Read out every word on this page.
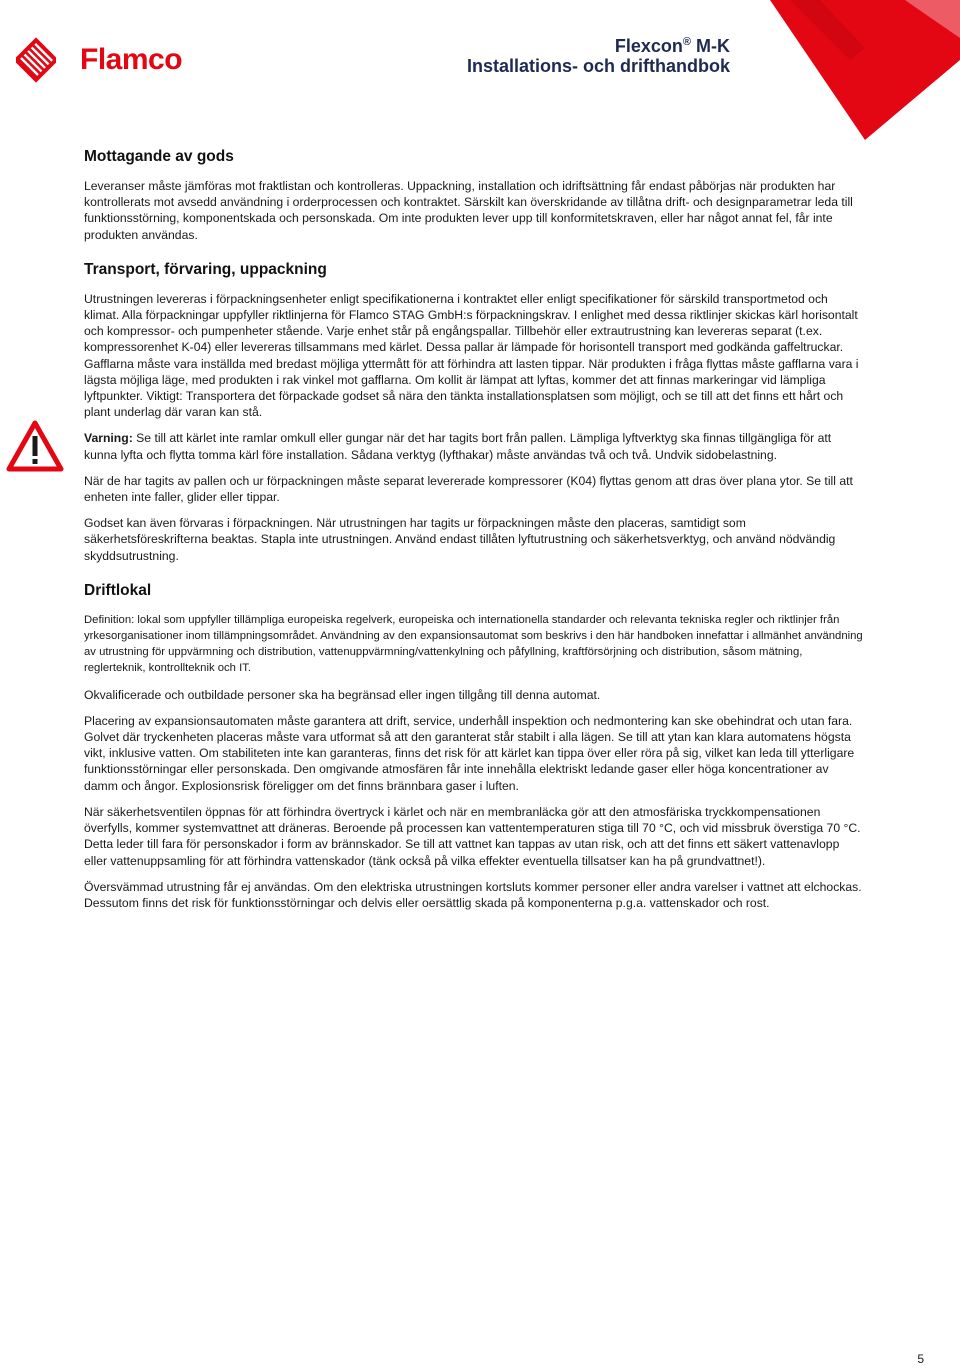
Flamco	Flexcon® M-K
Installations- och drifthandbok
Mottagande av gods

Leveranser måste jämföras mot fraktlistan och kontrolleras. Uppackning, installation och idriftsättning får endast påbörjas när produkten har kontrollerats mot avsedd användning i orderprocessen och kontraktet. Särskilt kan överskridande av tillåtna drift- och designparametrar leda till funktionsstörning, komponentskada och personskada. Om inte produkten lever upp till konformitetskraven, eller har något annat fel, får inte produkten användas.

Transport, förvaring, uppackning

Utrustningen levereras i förpackningsenheter enligt specifikationerna i kontraktet eller enligt specifikationer för särskild transportmetod och klimat. Alla förpackningar uppfyller riktlinjerna för Flamco STAG GmbH:s förpackningskrav. I enlighet med dessa riktlinjer skickas kärl horisontalt och kompressor- och pumpenheter stående. Varje enhet står på engångspallar. Tillbehör eller extrautrustning kan levereras separat (t.ex. kompressorenhet K-04) eller levereras tillsammans med kärlet. Dessa pallar är lämpade för horisontell transport med godkända gaffeltruckar. Gafflarna måste vara inställda med bredast möjliga yttermått för att förhindra att lasten tippar. När produkten i fråga flyttas måste gafflarna vara i lägsta möjliga läge, med produkten i rak vinkel mot gafflarna. Om kollit är lämpat att lyftas, kommer det att finnas markeringar vid lämpliga lyftpunkter. Viktigt: Transportera det förpackade godset så nära den tänkta installationsplatsen som möjligt, och se till att det finns ett hårt och plant underlag där varan kan stå.

Varning: Se till att kärlet inte ramlar omkull eller gungar när det har tagits bort från pallen. Lämpliga lyftverktyg ska finnas tillgängliga för att kunna lyfta och flytta tomma kärl före installation. Sådana verktyg (lyfthakar) måste användas två och två. Undvik sidobelastning.

När de har tagits av pallen och ur förpackningen måste separat levererade kompressorer (K04) flyttas genom att dras över plana ytor. Se till att enheten inte faller, glider eller tippar.

Godset kan även förvaras i förpackningen. När utrustningen har tagits ur förpackningen måste den placeras, samtidigt som säkerhetsföreskrifterna beaktas. Stapla inte utrustningen. Använd endast tillåten lyftutrustning och säkerhetsverktyg, och använd nödvändig skyddsutrustning.

Driftlokal

Definition: lokal som uppfyller tillämpliga europeiska regelverk, europeiska och internationella standarder och relevanta tekniska regler och riktlinjer från yrkesorganisationer inom tillämpningsområdet. Användning av den expansionsautomat som beskrivs i den här handboken innefattar i allmänhet användning av utrustning för uppvärmning och distribution, vattenuppvärmning/vattenkylning och påfyllning, kraftförsörjning och distribution, såsom mätning, reglerteknik, kontrollteknik och IT.

Okvalificerade och outbildade personer ska ha begränsad eller ingen tillgång till denna automat.

Placering av expansionsautomaten måste garantera att drift, service, underhåll inspektion och nedmontering kan ske obehindrat och utan fara. Golvet där tryckenheten placeras måste vara utformat så att den garanterat står stabilt i alla lägen. Se till att ytan kan klara automatens högsta vikt, inklusive vatten. Om stabiliteten inte kan garanteras, finns det risk för att kärlet kan tippa över eller röra på sig, vilket kan leda till ytterligare funktionsstörningar eller personskada. Den omgivande atmosfären får inte innehålla elektriskt ledande gaser eller höga koncentrationer av damm och ångor. Explosionsrisk föreligger om det finns brännbara gaser i luften.

När säkerhetsventilen öppnas för att förhindra övertryck i kärlet och när en membranläcka gör att den atmosfäriska tryckkompensationen överfylls, kommer systemvattnet att dräneras. Beroende på processen kan vattentemperaturen stiga till 70 °C, och vid missbruk överstiga 70 °C. Detta leder till fara för personskador i form av brännskador. Se till att vattnet kan tappas av utan risk, och att det finns ett säkert vattenavlopp eller vattenuppsamling för att förhindra vattenskador (tänk också på vilka effekter eventuella tillsatser kan ha på grundvattnet!).

Översvämmad utrustning får ej användas. Om den elektriska utrustningen kortsluts kommer personer eller andra varelser i vattnet att elchockas. Dessutom finns det risk för funktionsstörningar och delvis eller oersättlig skada på komponenterna p.g.a. vattenskador och rost.

5
